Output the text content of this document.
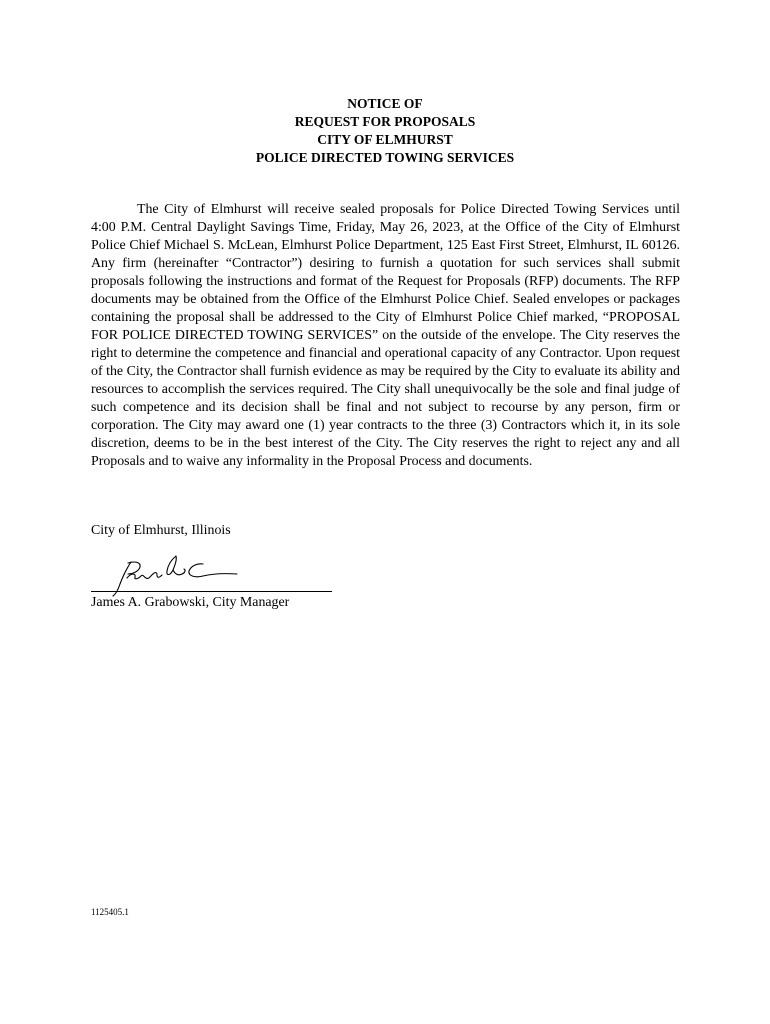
NOTICE OF
REQUEST FOR PROPOSALS
CITY OF ELMHURST
POLICE DIRECTED TOWING SERVICES

The City of Elmhurst will receive sealed proposals for Police Directed Towing Services until 4:00 P.M. Central Daylight Savings Time, Friday, May 26, 2023, at the Office of the City of Elmhurst Police Chief Michael S. McLean, Elmhurst Police Department, 125 East First Street, Elmhurst, IL 60126. Any firm (hereinafter “Contractor”) desiring to furnish a quotation for such services shall submit proposals following the instructions and format of the Request for Proposals (RFP) documents. The RFP documents may be obtained from the Office of the Elmhurst Police Chief. Sealed envelopes or packages containing the proposal shall be addressed to the City of Elmhurst Police Chief marked, “PROPOSAL FOR POLICE DIRECTED TOWING SERVICES” on the outside of the envelope. The City reserves the right to determine the competence and financial and operational capacity of any Contractor. Upon request of the City, the Contractor shall furnish evidence as may be required by the City to evaluate its ability and resources to accomplish the services required. The City shall unequivocally be the sole and final judge of such competence and its decision shall be final and not subject to recourse by any person, firm or corporation. The City may award one (1) year contracts to the three (3) Contractors which it, in its sole discretion, deems to be in the best interest of the City. The City reserves the right to reject any and all Proposals and to waive any informality in the Proposal Process and documents.

City of Elmhurst, Illinois
James A. Grabowski, City Manager
1125405.1
